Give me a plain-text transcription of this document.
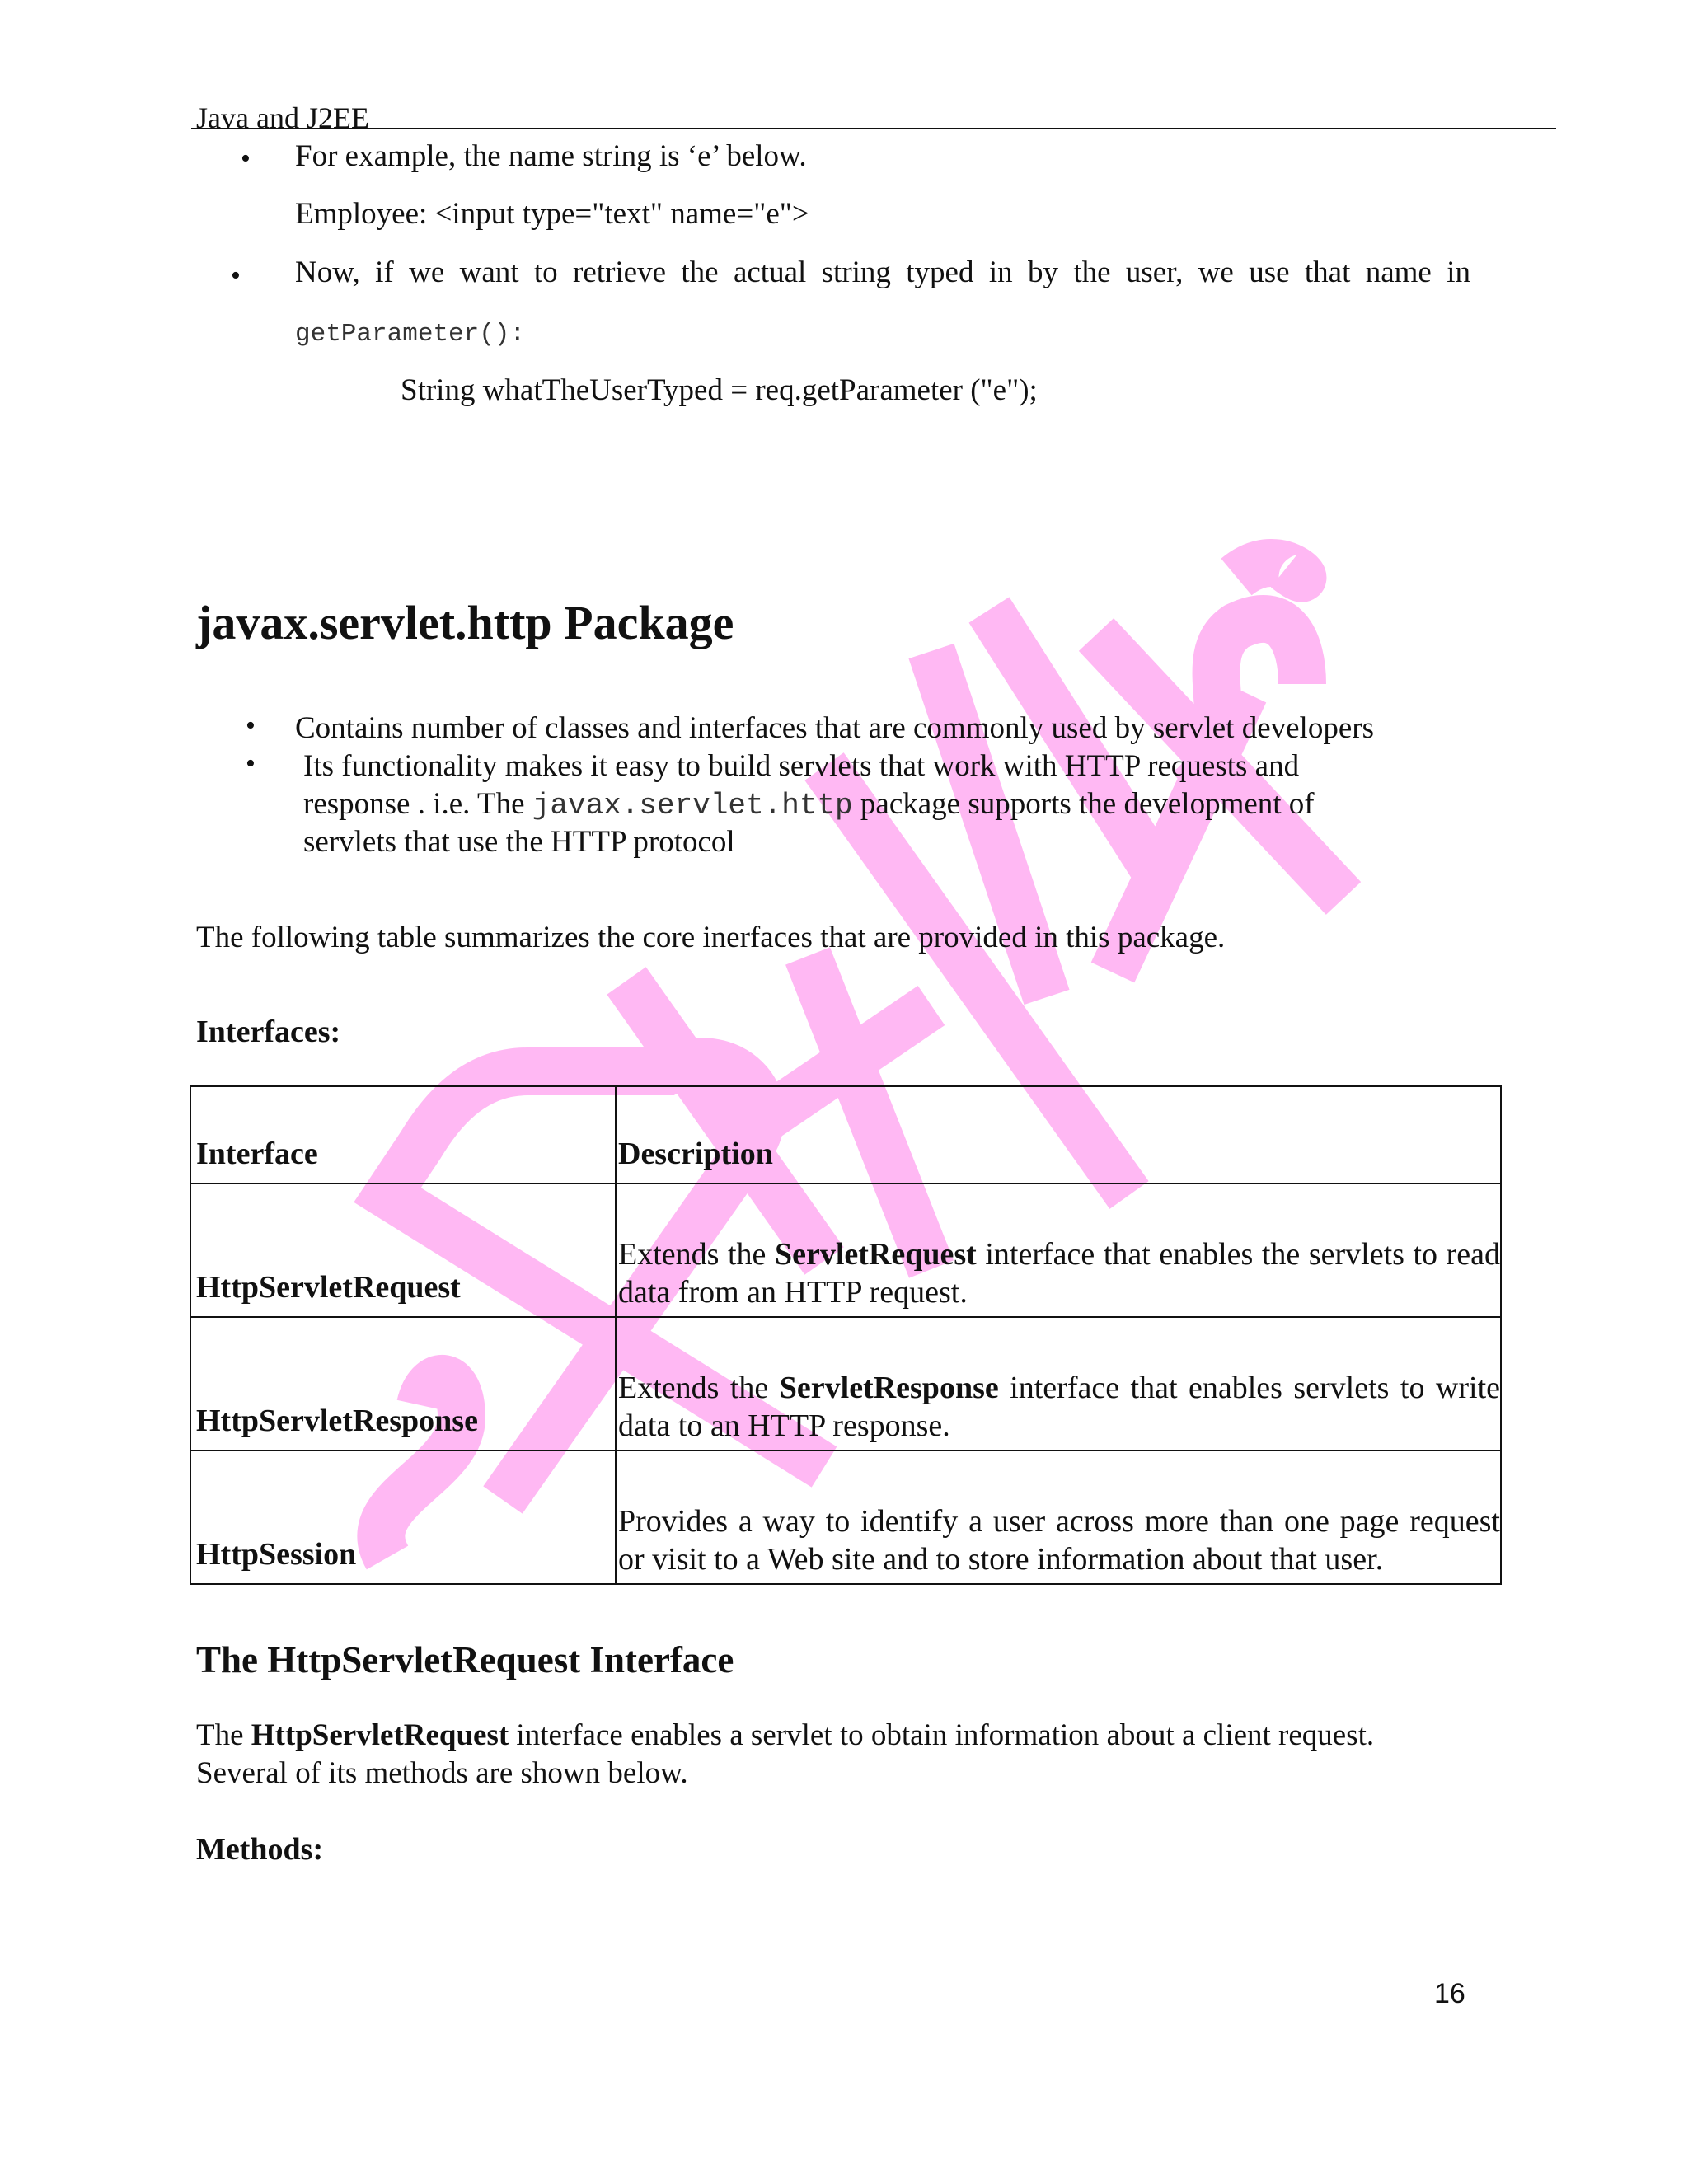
Java and J2EE
• For example, the name string is ‘e’ below.
Employee: <input type="text" name="e">
• Now, if we want to retrieve the actual string typed in by the user, we use that name in
getParameter():
String whatTheUserTyped = req.getParameter ("e");
javax.servlet.http Package
• Contains number of classes and interfaces that are commonly used by servlet developers
• Its functionality makes it easy to build servlets that work with HTTP requests and
response . i.e. The javax.servlet.http package supports the development of
servlets that use the HTTP protocol
The following table summarizes the core inerfaces that are provided in this package.
Interfaces:
Interface	Description
HttpServletRequest	Extends the ServletRequest interface that enables the servlets to read data from an HTTP request.
HttpServletResponse	Extends the ServletResponse interface that enables servlets to write data to an HTTP response.
HttpSession	Provides a way to identify a user across more than one page request or visit to a Web site and to store information about that user.
The HttpServletRequest Interface
The HttpServletRequest interface enables a servlet to obtain information about a client request.
Several of its methods are shown below.
Methods:
16
